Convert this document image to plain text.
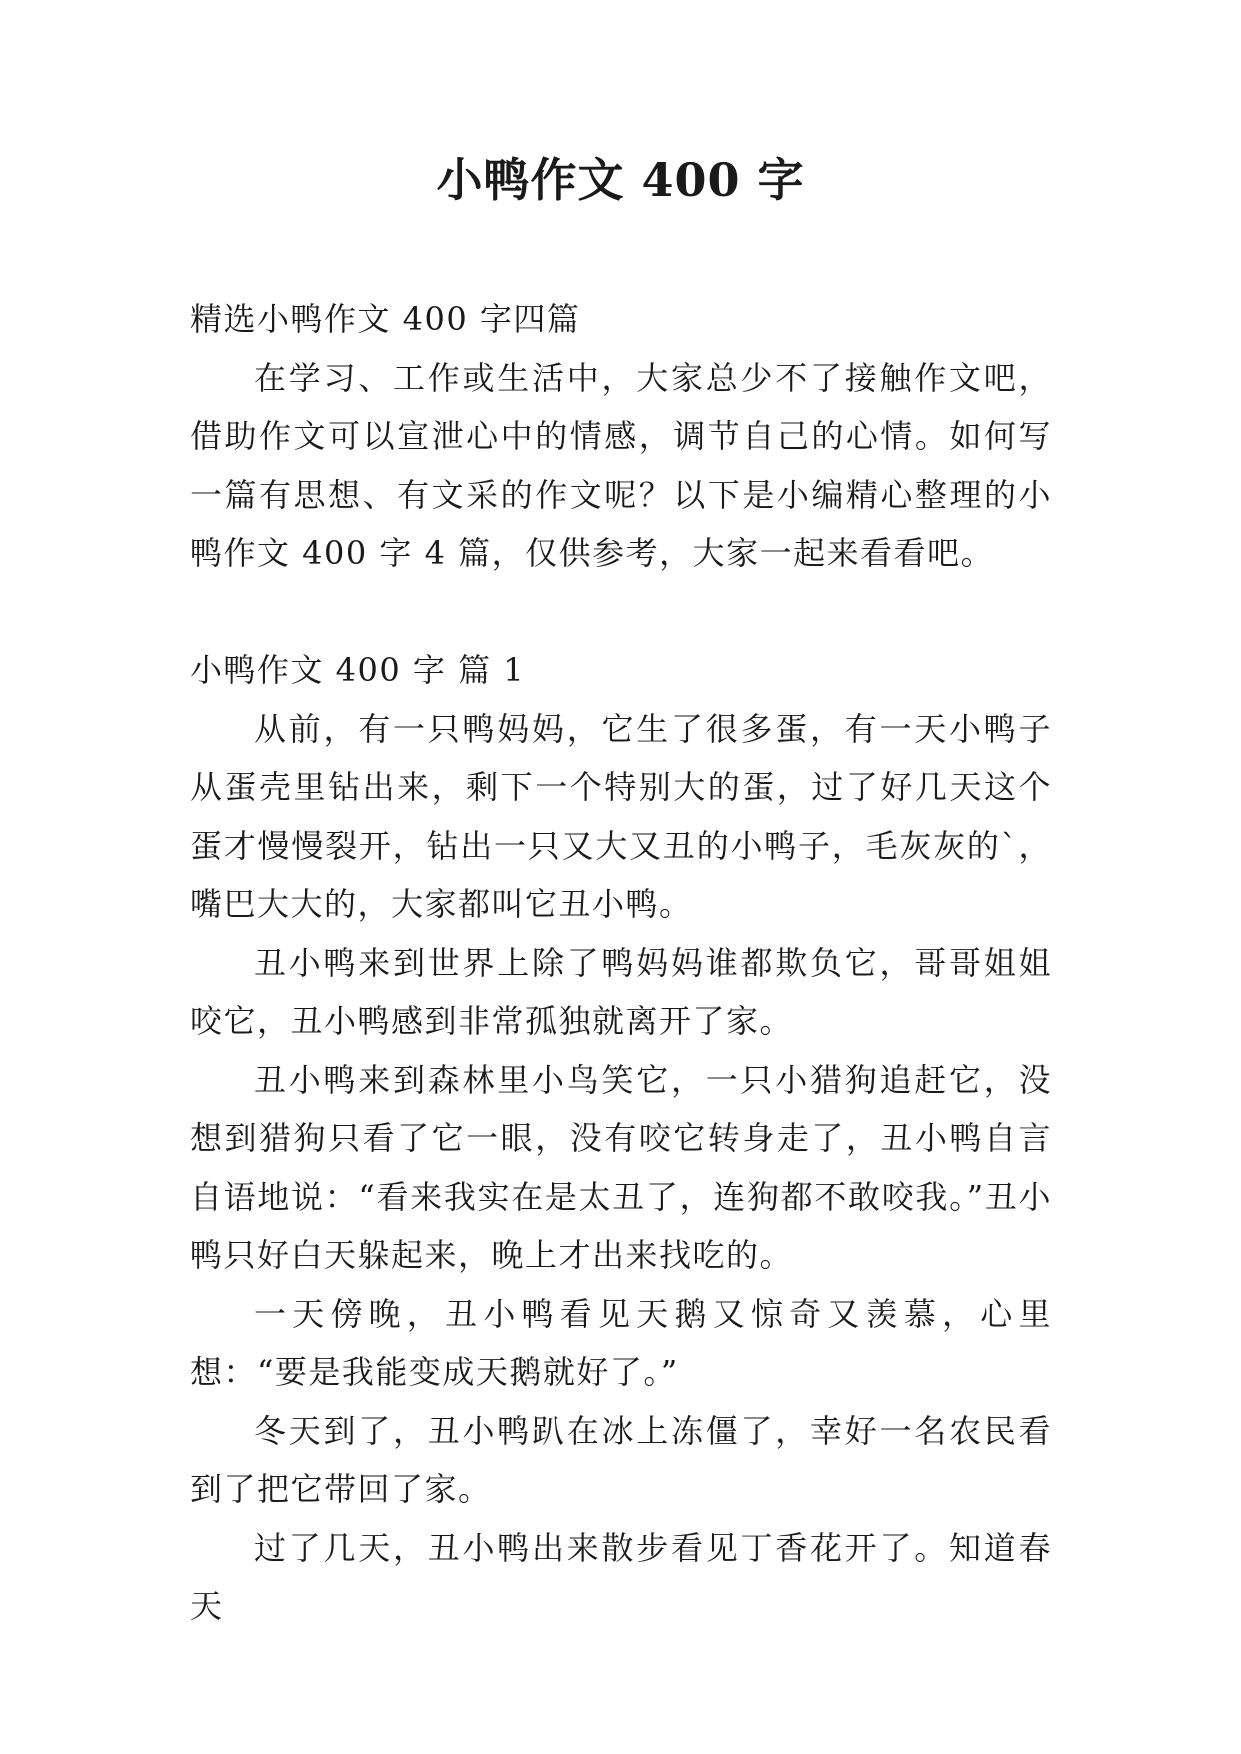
小鸭作文 400 字

精选小鸭作文 400 字四篇

在学习、工作或生活中，大家总少不了接触作文吧，借助作文可以宣泄心中的情感，调节自己的心情。如何写一篇有思想、有文采的作文呢？以下是小编精心整理的小鸭作文 400 字 4 篇，仅供参考，大家一起来看看吧。

小鸭作文 400 字 篇 1

从前，有一只鸭妈妈，它生了很多蛋，有一天小鸭子从蛋壳里钻出来，剩下一个特别大的蛋，过了好几天这个蛋才慢慢裂开，钻出一只又大又丑的小鸭子，毛灰灰的`，嘴巴大大的，大家都叫它丑小鸭。

丑小鸭来到世界上除了鸭妈妈谁都欺负它，哥哥姐姐咬它，丑小鸭感到非常孤独就离开了家。

丑小鸭来到森林里小鸟笑它，一只小猎狗追赶它，没想到猎狗只看了它一眼，没有咬它转身走了，丑小鸭自言自语地说：“看来我实在是太丑了，连狗都不敢咬我。”丑小鸭只好白天躲起来，晚上才出来找吃的。

一天傍晚，丑小鸭看见天鹅又惊奇又羡慕，心里想：“要是我能变成天鹅就好了。”

冬天到了，丑小鸭趴在冰上冻僵了，幸好一名农民看到了把它带回了家。

过了几天，丑小鸭出来散步看见丁香花开了。知道春天
